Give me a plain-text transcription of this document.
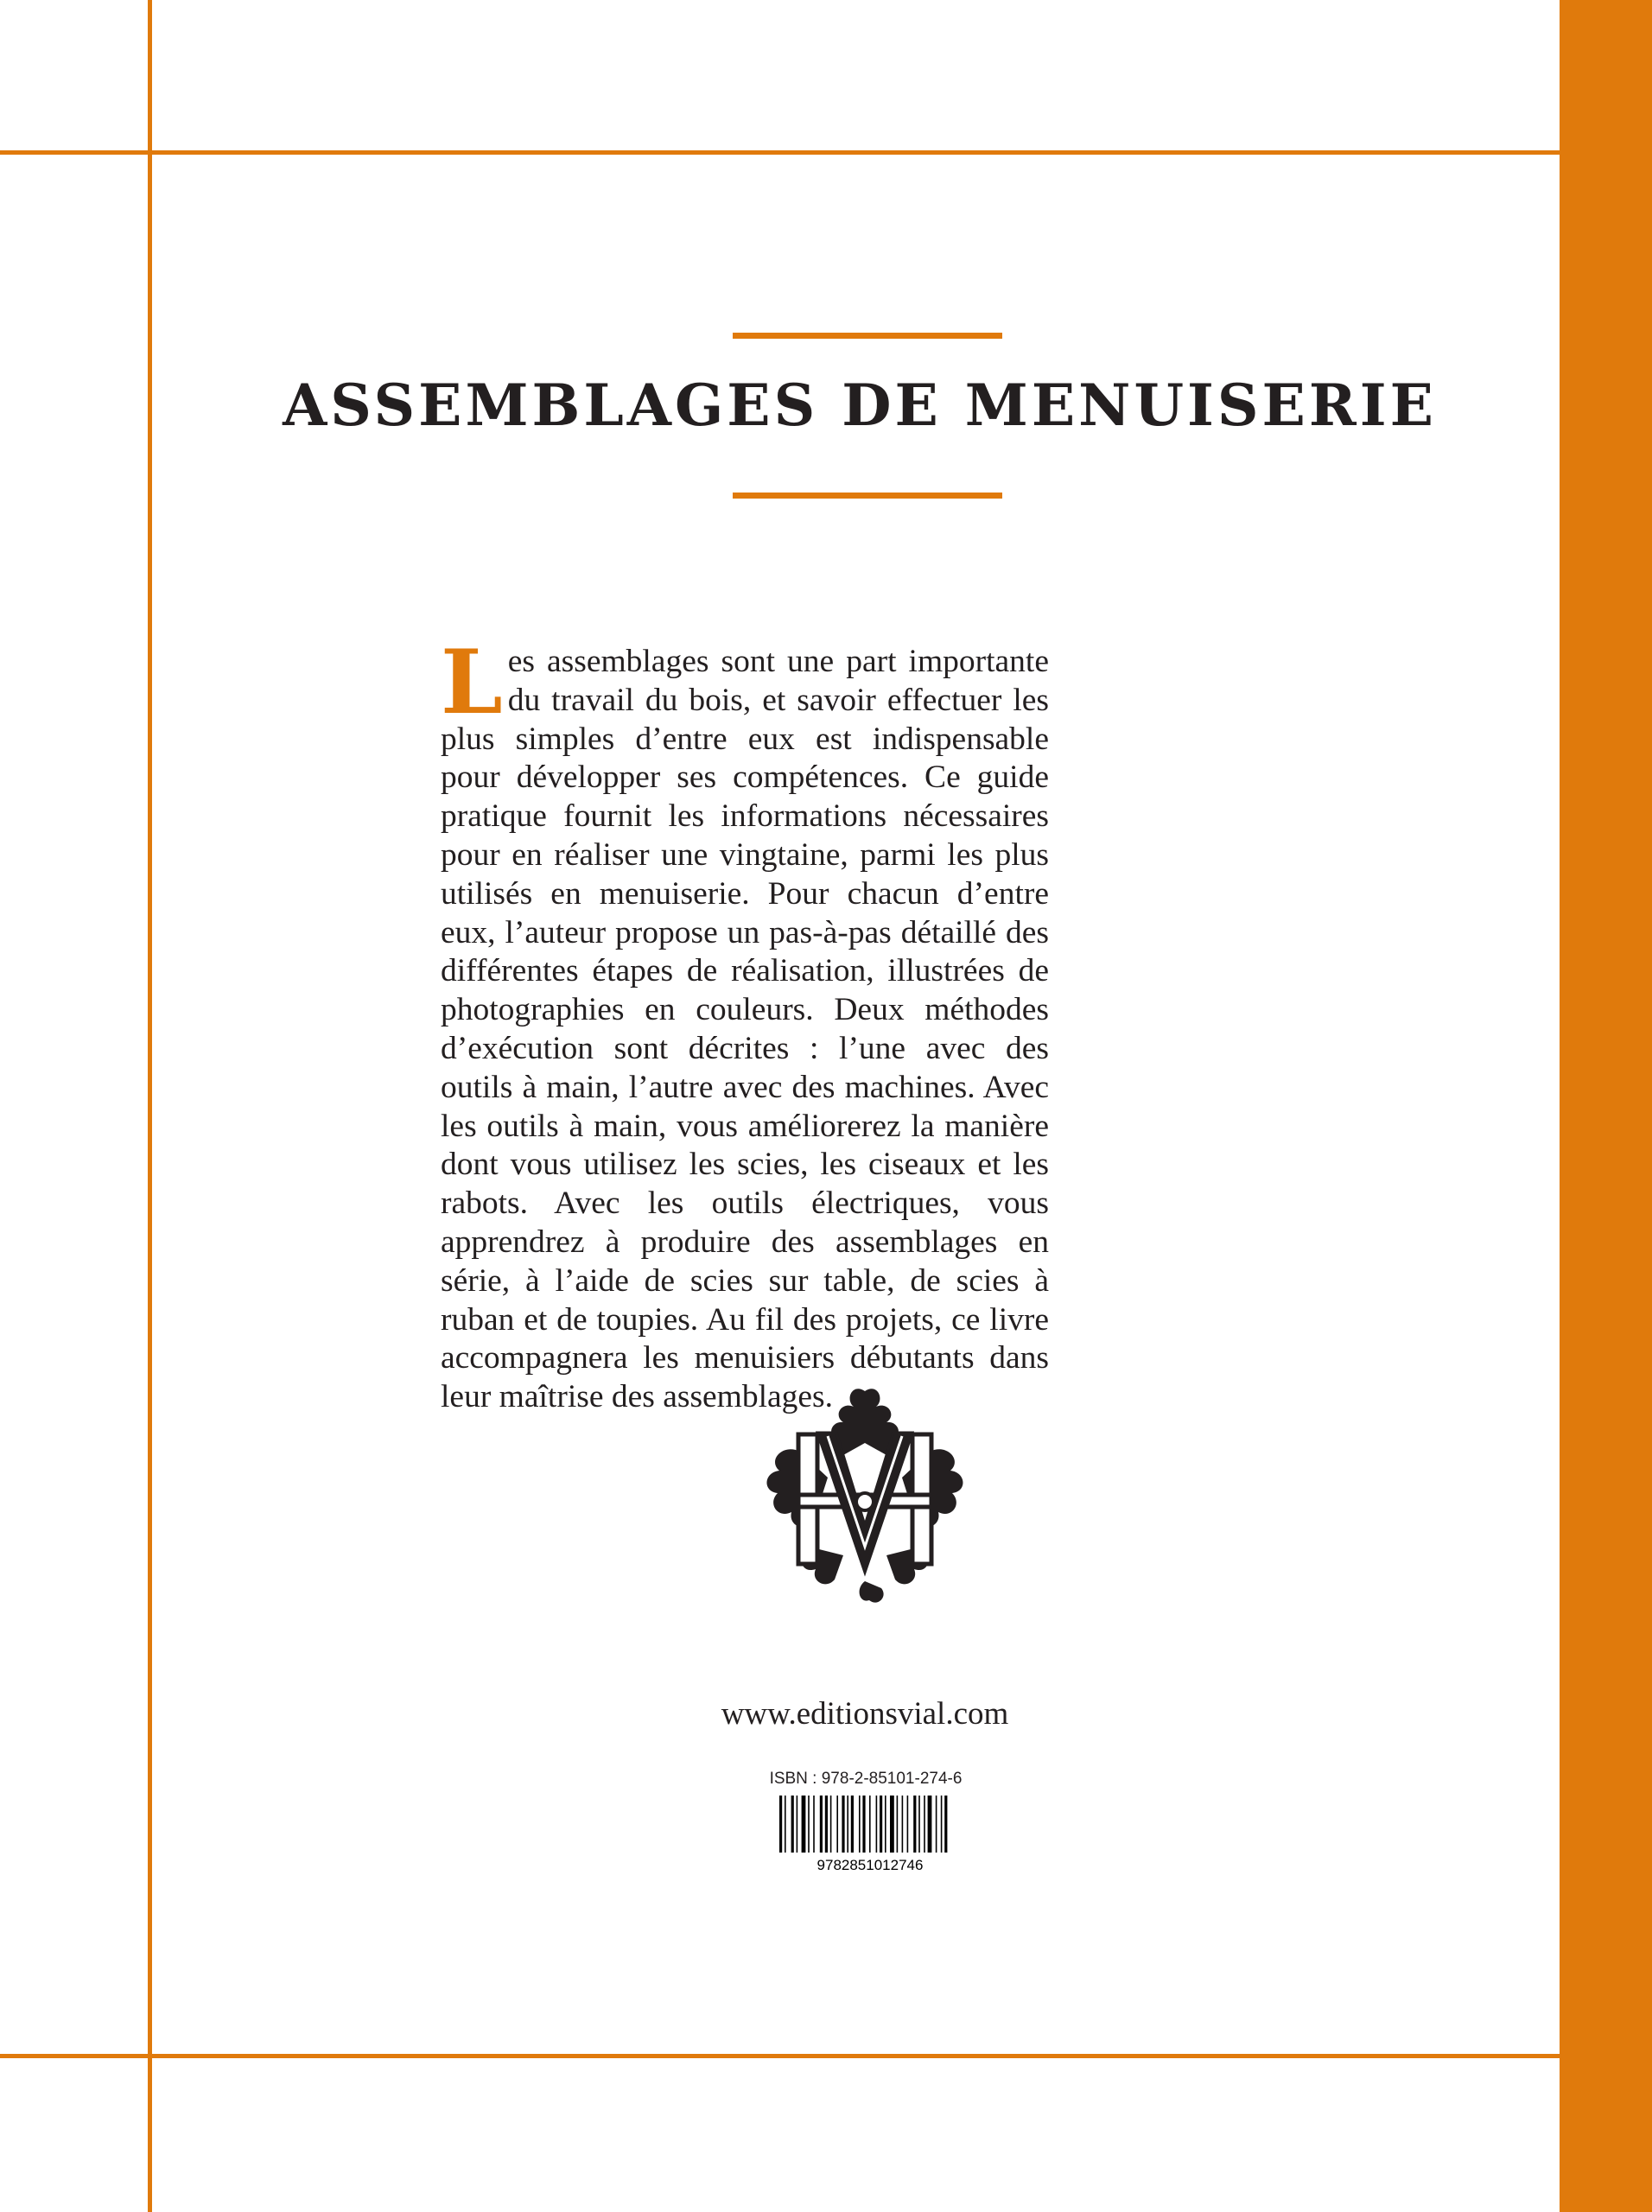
ASSEMBLAGES DE MENUISERIE

Les assemblages sont une part importante du travail du bois, et savoir effectuer les plus simples d’entre eux est indispensable pour développer ses compétences. Ce guide pratique fournit les informations nécessaires pour en réaliser une vingtaine, parmi les plus utilisés en menuiserie. Pour chacun d’entre eux, l’auteur propose un pas-à-pas détaillé des différentes étapes de réalisation, illustrées de photographies en couleurs. Deux méthodes d’exécution sont décrites : l’une avec des outils à main, l’autre avec des machines. Avec les outils à main, vous améliorerez la manière dont vous utilisez les scies, les ciseaux et les rabots. Avec les outils électriques, vous apprendrez à produire des assemblages en série, à l’aide de scies sur table, de scies à ruban et de toupies. Au fil des projets, ce livre accompagnera les menuisiers débutants dans leur maîtrise des assemblages.

www.editionsvial.com

ISBN : 978-2-85101-274-6

9782851012746
